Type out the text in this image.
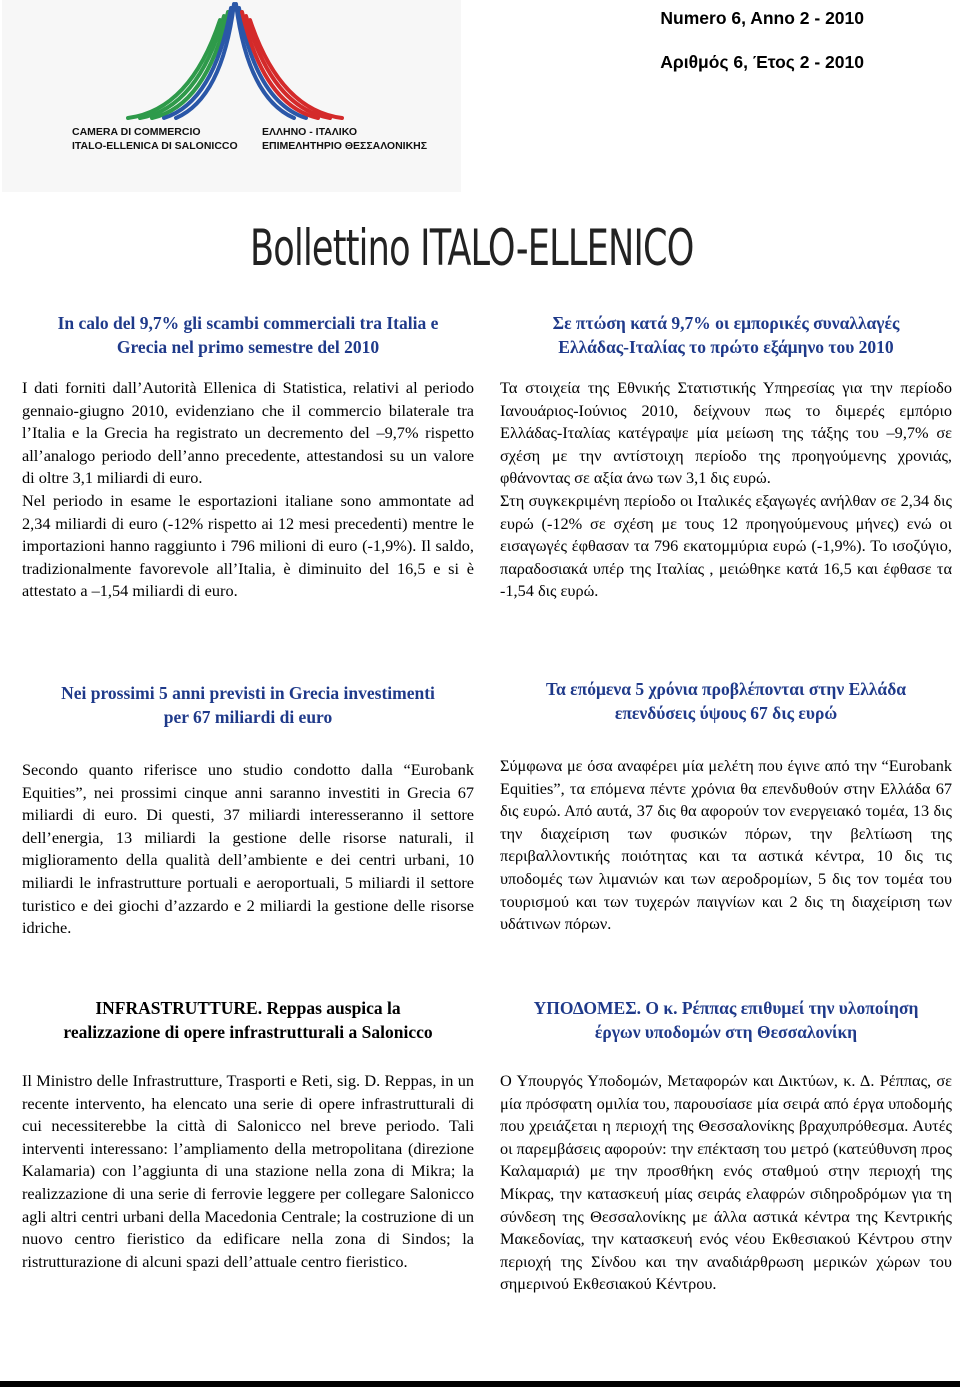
CAMERA DI COMMERCIO
ITALO-ELLENICA DI SALONICCO
ΕΛΛΗΝΟ - ΙΤΑΛΙΚΟ
ΕΠΙΜΕΛΗΤΗΡΙΟ ΘΕΣΣΑΛΟΝΙΚΗΣ
Numero 6, Anno 2 - 2010
Αριθμός 6, Έτος 2 - 2010
Bollettino ITALO-ELLENICO
In calo del 9,7% gli scambi commerciali tra Italia e
Grecia nel primo semestre del 2010

I dati forniti dall’Autorità Ellenica di Statistica, relativi al periodo gennaio-giugno 2010, evidenziano che il commercio bilaterale tra l’Italia e la Grecia ha registrato un decremento del –9,7% rispetto all’analogo periodo dell’anno precedente, attestandosi su un valore di oltre 3,1 miliardi di euro.

Nel periodo in esame le esportazioni italiane sono ammontate ad 2,34 miliardi di euro (-12% rispetto ai 12 mesi precedenti) mentre le importazioni hanno raggiunto i 796 milioni di euro (-1,9%). Il saldo, tradizionalmente favorevole all’Italia, è diminuito del 16,5 e si è attestato a –1,54 miliardi di euro.

Σε πτώση κατά 9,7% οι εμπορικές συναλλαγές
Ελλάδας-Ιταλίας το πρώτο εξάμηνο του 2010

Τα στοιχεία της Εθνικής Στατιστικής Υπηρεσίας για την περίοδο Ιανουάριος-Ιούνιος 2010, δείχνουν πως το διμερές εμπόριο Ελλάδας-Ιταλίας κατέγραψε μία μείωση της τάξης του –9,7% σε σχέση με την αντίστοιχη περίοδο της προηγούμενης χρονιάς, φθάνοντας σε αξία άνω των 3,1 δις ευρώ.

Στη συγκεκριμένη περίοδο οι Ιταλικές εξαγωγές ανήλθαν σε 2,34 δις ευρώ (-12% σε σχέση με τους 12 προηγούμενους μήνες) ενώ οι εισαγωγές έφθασαν τα 796 εκατομμύρια ευρώ (-1,9%). Το ισοζύγιο, παραδοσιακά υπέρ της Ιταλίας , μειώθηκε κατά 16,5 και έφθασε τα -1,54 δις ευρώ.

Nei prossimi 5 anni previsti in Grecia investimenti
per 67 miliardi di euro

Secondo quanto riferisce uno studio condotto dalla “Eurobank Equities”, nei prossimi cinque anni saranno investiti in Grecia 67 miliardi di euro. Di questi, 37 miliardi interesseranno il settore dell’energia, 13 miliardi la gestione delle risorse naturali, il miglioramento della qualità dell’ambiente e dei centri urbani, 10 miliardi le infrastrutture portuali e aeroportuali, 5 miliardi il settore turistico e dei giochi d’azzardo e 2 miliardi la gestione delle risorse idriche.

Τα επόμενα 5 χρόνια προβλέπονται στην Ελλάδα
επενδύσεις ύψους 67 δις ευρώ

Σύμφωνα με όσα αναφέρει μία μελέτη που έγινε από την “Eurobank Equities”, τα επόμενα πέντε χρόνια θα επενδυθούν στην Ελλάδα 67 δις ευρώ. Από αυτά, 37 δις θα αφορούν τον ενεργειακό τομέα, 13 δις την διαχείριση των φυσικών πόρων, την βελτίωση της περιβαλλοντικής ποιότητας και τα αστικά κέντρα, 10 δις τις υποδομές των λιμανιών και των αεροδρομίων, 5 δις τον τομέα του τουρισμού και των τυχερών παιγνίων και 2 δις τη διαχείριση των υδάτινων πόρων.

INFRASTRUTTURE. Reppas auspica la
realizzazione di opere infrastrutturali a Salonicco

Il Ministro delle Infrastrutture, Trasporti e Reti, sig. D. Reppas, in un recente intervento, ha elencato una serie di opere infrastrutturali di cui necessiterebbe la città di Salonicco nel breve periodo. Tali interventi interessano: l’ampliamento della metropolitana (direzione Kalamaria) con l’aggiunta di una stazione nella zona di Mikra; la realizzazione di una serie di ferrovie leggere per collegare Salonicco agli altri centri urbani della Macedonia Centrale; la costruzione di un nuovo centro fieristico da edificare nella zona di Sindos; la ristrutturazione di alcuni spazi dell’attuale centro fieristico.

ΥΠΟΔΟΜΕΣ. Ο κ. Ρέππας επιθυμεί την υλοποίηση
έργων υποδομών στη Θεσσαλονίκη

Ο Υπουργός Υποδομών, Μεταφορών και Δικτύων, κ. Δ. Ρέππας, σε μία πρόσφατη ομιλία του, παρουσίασε μία σειρά από έργα υποδομής που χρειάζεται η περιοχή της Θεσσαλονίκης βραχυπρόθεσμα. Αυτές οι παρεμβάσεις αφορούν: την επέκταση του μετρό (κατεύθυνση προς Καλαμαριά) με την προσθήκη ενός σταθμού στην περιοχή της Μίκρας, την κατασκευή μίας σειράς ελαφρών σιδηροδρόμων για τη σύνδεση της Θεσσαλονίκης με άλλα αστικά κέντρα της Κεντρικής Μακεδονίας, την κατασκευή ενός νέου Εκθεσιακού Κέντρου στην περιοχή της Σίνδου και την αναδιάρθρωση μερικών χώρων του σημερινού Εκθεσιακού Κέντρου.
